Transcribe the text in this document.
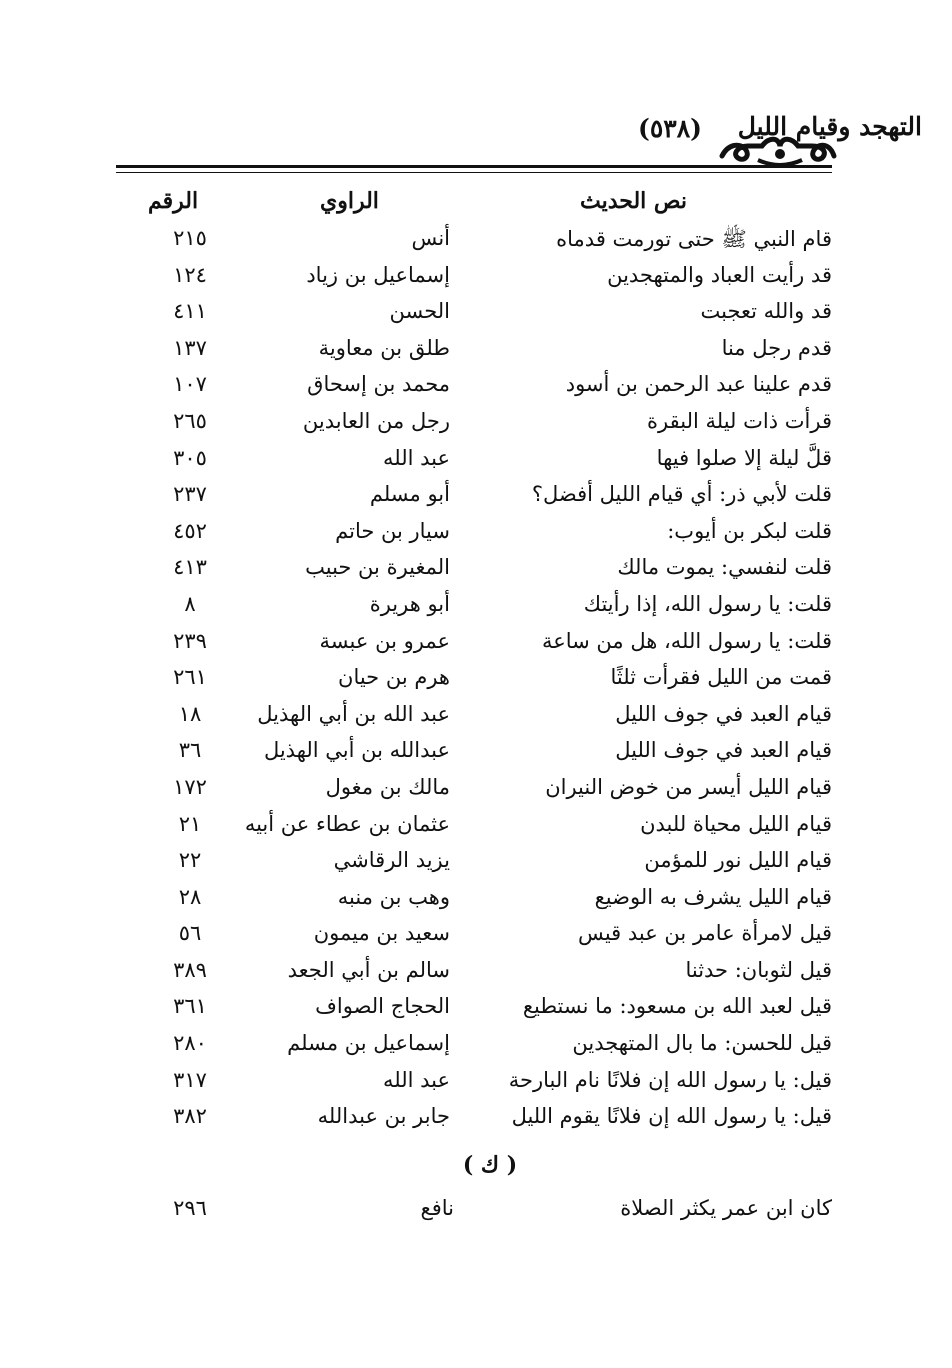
التهجد وقيام الليل
(٥٣٨)
نص الحديث
الراوي
الرقم
قام النبي ﷺ حتى تورمت قدماه
أنس
٢١٥
قد رأيت العباد والمتهجدين
إسماعيل بن زياد
١٢٤
قد والله تعجبت
الحسن
٤١١
قدم رجل منا
طلق بن معاوية
١٣٧
قدم علينا عبد الرحمن بن أسود
محمد بن إسحاق
١٠٧
قرأت ذات ليلة البقرة
رجل من العابدين
٢٦٥
قلَّ ليلة إلا صلوا فيها
عبد الله
٣٠٥
قلت لأبي ذر: أي قيام الليل أفضل؟
أبو مسلم
٢٣٧
قلت لبكر بن أيوب:
سيار بن حاتم
٤٥٢
قلت لنفسي: يموت مالك
المغيرة بن حبيب
٤١٣
قلت: يا رسول الله، إذا رأيتك
أبو هريرة
٨
قلت: يا رسول الله، هل من ساعة
عمرو بن عبسة
٢٣٩
قمت من الليل فقرأت ثلثًا
هرم بن حيان
٢٦١
قيام العبد في جوف الليل
عبد الله بن أبي الهذيل
١٨
قيام العبد في جوف الليل
عبدالله بن أبي الهذيل
٣٦
قيام الليل أيسر من خوض النيران
مالك بن مغول
١٧٢
قيام الليل محياة للبدن
عثمان بن عطاء عن أبيه
٢١
قيام الليل نور للمؤمن
يزيد الرقاشي
٢٢
قيام الليل يشرف به الوضيع
وهب بن منبه
٢٨
قيل لامرأة عامر بن عبد قيس
سعيد بن ميمون
٥٦
قيل لثوبان: حدثنا
سالم بن أبي الجعد
٣٨٩
قيل لعبد الله بن مسعود: ما نستطيع
الحجاج الصواف
٣٦١
قيل للحسن: ما بال المتهجدين
إسماعيل بن مسلم
٢٨٠
قيل: يا رسول الله إن فلانًا نام البارحة
عبد الله
٣١٧
قيل: يا رسول الله إن فلانًا يقوم الليل
جابر بن عبدالله
٣٨٢
( ك )
كان ابن عمر يكثر الصلاة
نافع
٢٩٦
